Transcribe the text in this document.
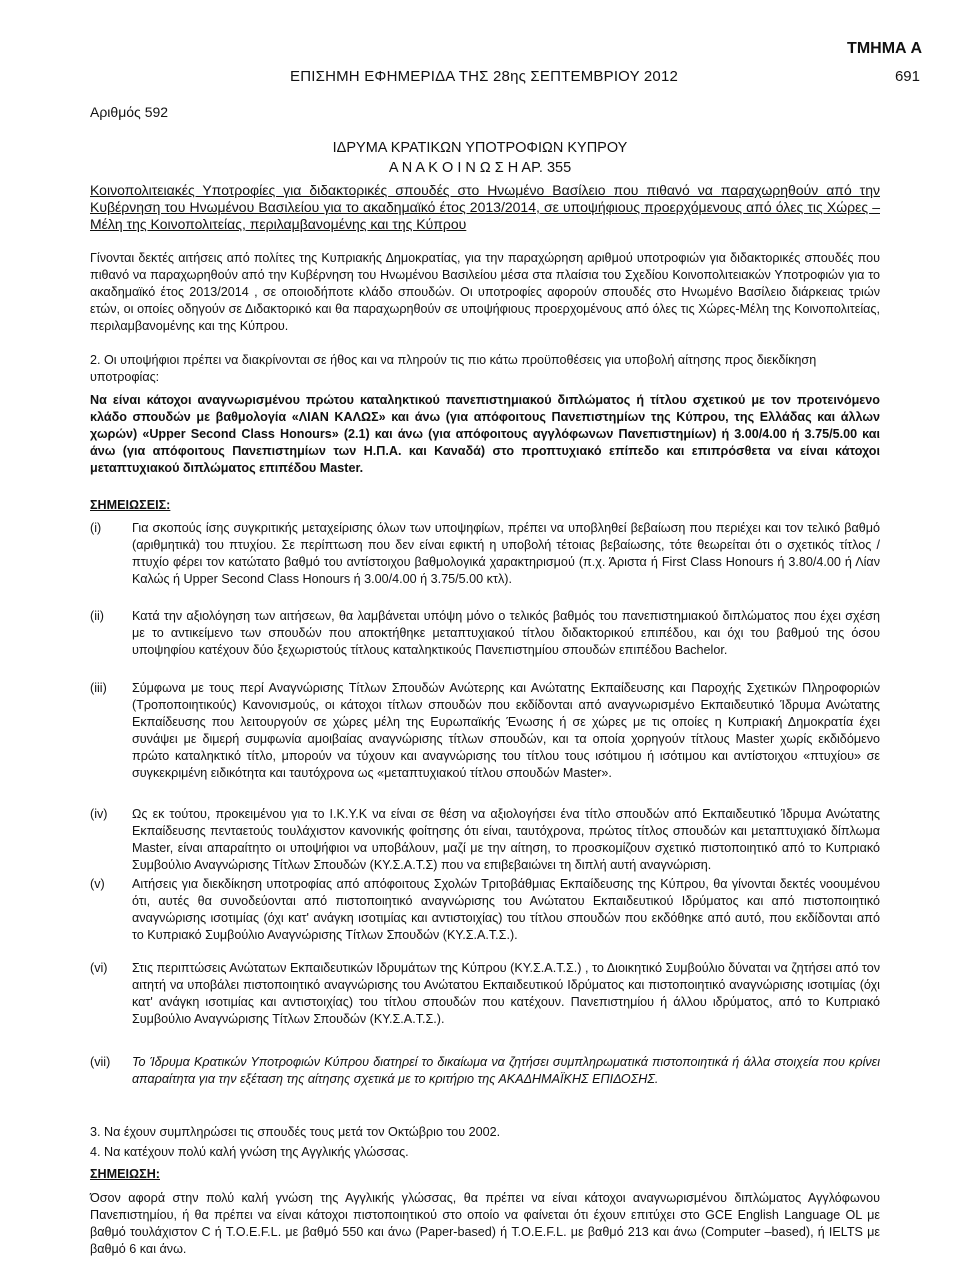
ΤΜΗΜΑ Α
ΕΠΙΣΗΜΗ ΕΦΗΜΕΡΙΔΑ ΤΗΣ 28ης ΣΕΠΤΕΜΒΡΙΟΥ 2012	691
Αριθμός 592
ΙΔΡΥΜΑ ΚΡΑΤΙΚΩΝ ΥΠΟΤΡΟΦΙΩΝ ΚΥΠΡΟΥ
Α Ν Α Κ Ο Ι Ν Ω Σ Η ΑΡ. 355
Κοινοπολιτειακές Υποτροφίες για διδακτορικές σπουδές στο Ηνωμένο Βασίλειο που πιθανό να παραχωρηθούν από την Κυβέρνηση του Ηνωμένου Βασιλείου για το ακαδημαϊκό έτος 2013/2014, σε υποψήφιους προερχόμενους από όλες τις Χώρες – Μέλη της Κοινοπολιτείας, περιλαμβανομένης και της Κύπρου
Γίνονται δεκτές αιτήσεις από πολίτες της Κυπριακής Δημοκρατίας, για την παραχώρηση αριθμού υποτροφιών για διδακτορικές σπουδές που πιθανό να παραχωρηθούν από την Κυβέρνηση του Ηνωμένου Βασιλείου μέσα στα πλαίσια του Σχεδίου Κοινοπολιτειακών Υποτροφιών για το ακαδημαϊκό έτος 2013/2014 , σε οποιοδήποτε κλάδο σπουδών. Οι υποτροφίες αφορούν σπουδές στο Ηνωμένο Βασίλειο διάρκειας τριών ετών, οι οποίες οδηγούν σε Διδακτορικό και θα παραχωρηθούν σε υποψήφιους προερχομένους από όλες τις Χώρες-Μέλη της Κοινοπολιτείας, περιλαμβανομένης και της Κύπρου.
2. Οι υποψήφιοι πρέπει να διακρίνονται σε ήθος και να πληρούν τις πιο κάτω προϋποθέσεις για υποβολή αίτησης προς διεκδίκηση υποτροφίας:
Να είναι κάτοχοι αναγνωρισμένου πρώτου καταληκτικού πανεπιστημιακού διπλώματος ή τίτλου σχετικού με τον προτεινόμενο κλάδο σπουδών με βαθμολογία «ΛΙΑΝ ΚΑΛΩΣ» και άνω (για απόφοιτους Πανεπιστημίων της Κύπρου, της Ελλάδας και άλλων χωρών) «Upper Second Class Honours» (2.1) και άνω (για απόφοιτους αγγλόφωνων Πανεπιστημίων) ή 3.00/4.00 ή 3.75/5.00 και άνω (για απόφοιτους Πανεπιστημίων των Η.Π.Α. και Καναδά) στο προπτυχιακό επίπεδο και επιπρόσθετα να είναι κάτοχοι μεταπτυχιακού διπλώματος επιπέδου Master.
ΣΗΜΕΙΩΣΕΙΣ:
(i)	Για σκοπούς ίσης συγκριτικής μεταχείρισης όλων των υποψηφίων, πρέπει να υποβληθεί βεβαίωση που περιέχει και τον τελικό βαθμό (αριθμητικά) του πτυχίου. Σε περίπτωση που δεν είναι εφικτή η υποβολή τέτοιας βεβαίωσης, τότε θεωρείται ότι ο σχετικός τίτλος / πτυχίο φέρει τον κατώτατο βαθμό του αντίστοιχου βαθμολογικά χαρακτηρισμού (π.χ. Άριστα ή First Class Honours ή 3.80/4.00 ή Λίαν Καλώς ή Upper Second Class Honours ή 3.00/4.00 ή 3.75/5.00 κτλ).
(ii)	Κατά την αξιολόγηση των αιτήσεων, θα λαμβάνεται υπόψη μόνο ο τελικός βαθμός του πανεπιστημιακού διπλώματος που έχει σχέση με το αντικείμενο των σπουδών που αποκτήθηκε μεταπτυχιακού τίτλου διδακτορικού επιπέδου, και όχι του βαθμού της όσου υποψηφίου κατέχουν δύο ξεχωριστούς τίτλους καταληκτικούς Πανεπιστημίου σπουδών επιπέδου Bachelor.
(iii)	Σύμφωνα με τους περί Αναγνώρισης Τίτλων Σπουδών Ανώτερης και Ανώτατης Εκπαίδευσης και Παροχής Σχετικών Πληροφοριών (Τροποποιητικούς) Κανονισμούς, οι κάτοχοι τίτλων σπουδών που εκδίδονται από αναγνωρισμένο Εκπαιδευτικό Ίδρυμα Ανώτατης Εκπαίδευσης που λειτουργούν σε χώρες μέλη της Ευρωπαϊκής Ένωσης ή σε χώρες με τις οποίες η Κυπριακή Δημοκρατία έχει συνάψει με διμερή συμφωνία αμοιβαίας αναγνώρισης τίτλων σπουδών, και τα οποία χορηγούν τίτλους Master χωρίς εκδιδόμενο πρώτο καταληκτικό τίτλο, μπορούν να τύχουν και αναγνώρισης του τίτλου τους ισότιμου ή ισότιμου και αντίστοιχου «πτυχίου» σε συγκεκριμένη ειδικότητα και ταυτόχρονα ως «μεταπτυχιακού τίτλου σπουδών Master».
(iv)	Ως εκ τούτου, προκειμένου για το Ι.Κ.Υ.Κ να είναι σε θέση να αξιολογήσει ένα τίτλο σπουδών από Εκπαιδευτικό Ίδρυμα Ανώτατης Εκπαίδευσης πενταετούς τουλάχιστον κανονικής φοίτησης ότι είναι, ταυτόχρονα, πρώτος τίτλος σπουδών και μεταπτυχιακό δίπλωμα Master, είναι απαραίτητο οι υποψήφιοι να υποβάλουν, μαζί με την αίτηση, το προσκομίζουν σχετικό πιστοποιητικό από το Κυπριακό Συμβούλιο Αναγνώρισης Τίτλων Σπουδών (ΚΥ.Σ.Α.Τ.Σ) που να επιβεβαιώνει τη διπλή αυτή αναγνώριση.
(v)	Αιτήσεις για διεκδίκηση υποτροφίας από απόφοιτους Σχολών Τριτοβάθμιας Εκπαίδευσης της Κύπρου, θα γίνονται δεκτές νοουμένου ότι, αυτές θα συνοδεύονται από πιστοποιητικό αναγνώρισης του Ανώτατου Εκπαιδευτικού Ιδρύματος και από πιστοποιητικό αναγνώρισης ισοτιμίας (όχι κατ' ανάγκη ισοτιμίας και αντιστοιχίας) του τίτλου σπουδών που εκδόθηκε από αυτό, που εκδίδονται από το Κυπριακό Συμβούλιο Αναγνώρισης Τίτλων Σπουδών (ΚΥ.Σ.Α.Τ.Σ.).
(vi)	Στις περιπτώσεις Ανώτατων Εκπαιδευτικών Ιδρυμάτων της Κύπρου (ΚΥ.Σ.Α.Τ.Σ.) , το Διοικητικό Συμβούλιο δύναται να ζητήσει από τον αιτητή να υποβάλει πιστοποιητικό αναγνώρισης του Ανώτατου Εκπαιδευτικού Ιδρύματος και πιστοποιητικό αναγνώρισης ισοτιμίας (όχι κατ' ανάγκη ισοτιμίας και αντιστοιχίας) του τίτλου σπουδών που κατέχουν. Πανεπιστημίου ή άλλου ιδρύματος, από το Κυπριακό Συμβούλιο Αναγνώρισης Τίτλων Σπουδών (ΚΥ.Σ.Α.Τ.Σ.).
(vii)	Το Ίδρυμα Κρατικών Υποτροφιών Κύπρου διατηρεί το δικαίωμα να ζητήσει συμπληρωματικά πιστοποιητικά ή άλλα στοιχεία που κρίνει απαραίτητα για την εξέταση της αίτησης σχετικά με το κριτήριο της ΑΚΑΔΗΜΑΪΚΗΣ ΕΠΙΔΟΣΗΣ.
3. Να έχουν συμπληρώσει τις σπουδές τους μετά τον Οκτώβριο του 2002.
4. Να κατέχουν πολύ καλή γνώση της Αγγλικής γλώσσας.
ΣΗΜΕΙΩΣΗ:
Όσον αφορά στην πολύ καλή γνώση της Αγγλικής γλώσσας, θα πρέπει να είναι κάτοχοι αναγνωρισμένου διπλώματος Αγγλόφωνου Πανεπιστημίου, ή θα πρέπει να είναι κάτοχοι πιστοποιητικού στο οποίο να φαίνεται ότι έχουν επιτύχει στο GCE English Language OL με βαθμό τουλάχιστον C ή T.O.E.F.L. με βαθμό 550 και άνω (Paper-based) ή T.O.E.F.L. με βαθμό 213 και άνω (Computer –based), ή IELTS με βαθμό 6 και άνω.
